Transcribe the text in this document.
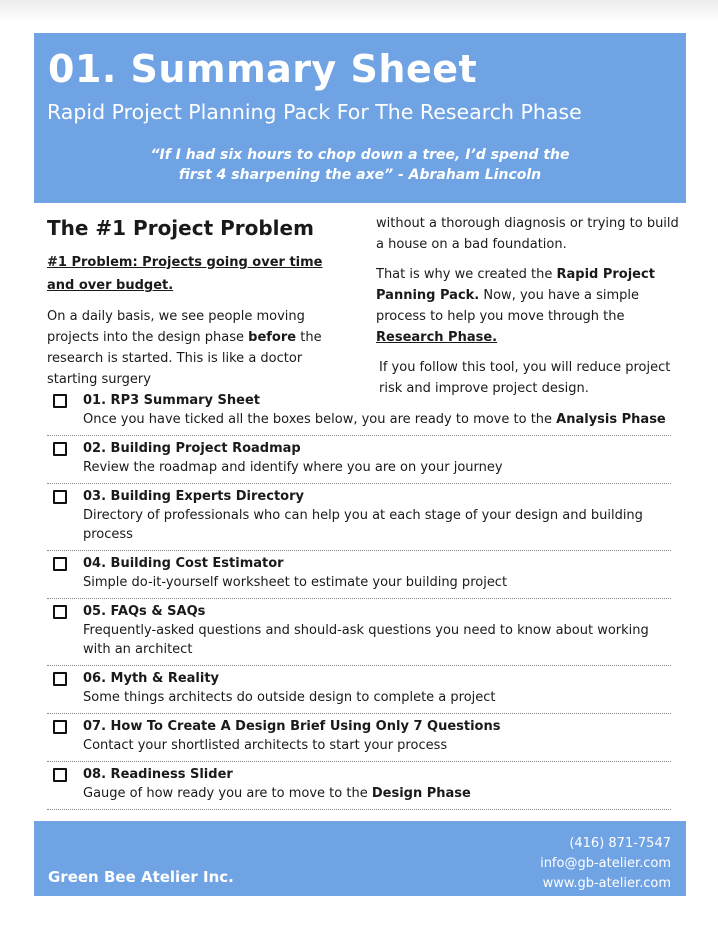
01. Summary Sheet
Rapid Project Planning Pack For The Research Phase
“If I had six hours to chop down a tree, I’d spend the
first 4 sharpening the axe” - Abraham Lincoln
The #1 Project Problem
#1 Problem: Projects going over time and over budget.

On a daily basis, we see people moving projects into the design phase before the research is started. This is like a doctor starting surgery

without a thorough diagnosis or trying to build a house on a bad foundation.

That is why we created the Rapid Project Panning Pack. Now, you have a simple process to help you move through the Research Phase.

If you follow this tool, you will reduce project risk and improve project design.

01. RP3 Summary Sheet
Once you have ticked all the boxes below, you are ready to move to the Analysis Phase
02. Building Project Roadmap
Review the roadmap and identify where you are on your journey
03. Building Experts Directory
Directory of professionals who can help you at each stage of your design and building process
04. Building Cost Estimator
Simple do-it-yourself worksheet to estimate your building project
05. FAQs & SAQs
Frequently-asked questions and should-ask questions you need to know about working with an architect
06. Myth & Reality
Some things architects do outside design to complete a project
07. How To Create A Design Brief Using Only 7 Questions
Contact your shortlisted architects to start your process
08. Readiness Slider
Gauge of how ready you are to move to the Design Phase
Green Bee Atelier Inc.
(416) 871-7547
info@gb-atelier.com
www.gb-atelier.com
